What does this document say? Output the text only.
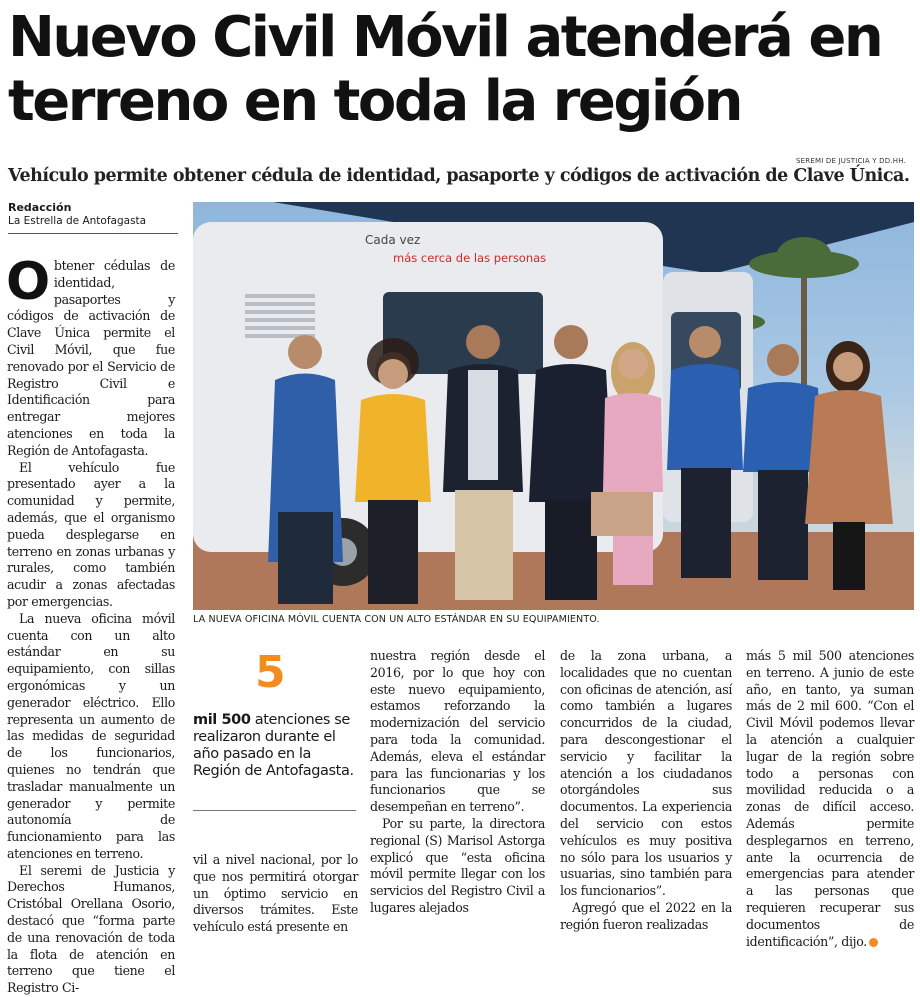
Nuevo Civil Móvil atenderá en terreno en toda la región
SEREMI DE JUSTICIA Y DD.HH.
Vehículo permite obtener cédula de identidad, pasaporte y códigos de activación de Clave Única.
Redacción
La Estrella de Antofagasta

Obtener cédulas de identidad, pasaportes y códigos de activación de Clave Única permite el Civil Móvil, que fue renovado por el Servicio de Registro Civil e Identificación para entregar mejores atenciones en toda la Región de Antofagasta.

El vehículo fue presentado ayer a la comunidad y permite, además, que el organismo pueda desplegarse en terreno en zonas urbanas y rurales, como también acudir a zonas afectadas por emergencias.

La nueva oficina móvil cuenta con un alto estándar en su equipamiento, con sillas ergonómicas y un generador eléctrico. Ello representa un aumento de las medidas de seguridad de los funcionarios, quienes no tendrán que trasladar manualmente un generador y permite autonomía de funcionamiento para las atenciones en terreno.

El seremi de Justicia y Derechos Humanos, Cristóbal Orellana Osorio, destacó que “forma parte de una renovación de toda la flota de atención en terreno que tiene el Registro Ci-

Cada vez
más cerca de las personas
LA NUEVA OFICINA MÓVIL CUENTA CON UN ALTO ESTÁNDAR EN SU EQUIPAMIENTO.
5
mil 500 atenciones se realizaron durante el año pasado en la Región de Antofagasta.

vil a nivel nacional, por lo que nos permitirá otorgar un óptimo servicio en diversos trámites. Este vehículo está presente en

nuestra región desde el 2016, por lo que hoy con este nuevo equipamiento, estamos reforzando la modernización del servicio para toda la comunidad. Además, eleva el estándar para las funcionarias y los funcionarios que se desempeñan en terreno”.

Por su parte, la directora regional (S) Marisol Astorga explicó que “esta oficina móvil permite llegar con los servicios del Registro Civil a lugares alejados

de la zona urbana, a localidades que no cuentan con oficinas de atención, así como también a lugares concurridos de la ciudad, para descongestionar el servicio y facilitar la atención a los ciudadanos otorgándoles sus documentos. La experiencia del servicio con estos vehículos es muy positiva no sólo para los usuarios y usuarias, sino también para los funcionarios”.

Agregó que el 2022 en la región fueron realizadas

más 5 mil 500 atenciones en terreno. A junio de este año, en tanto, ya suman más de 2 mil 600. “Con el Civil Móvil podemos llevar la atención a cualquier lugar de la región sobre todo a personas con movilidad reducida o a zonas de difícil acceso. Además permite desplegarnos en terreno, ante la ocurrencia de emergencias para atender a las personas que requieren recuperar sus documentos de identificación”, dijo.
